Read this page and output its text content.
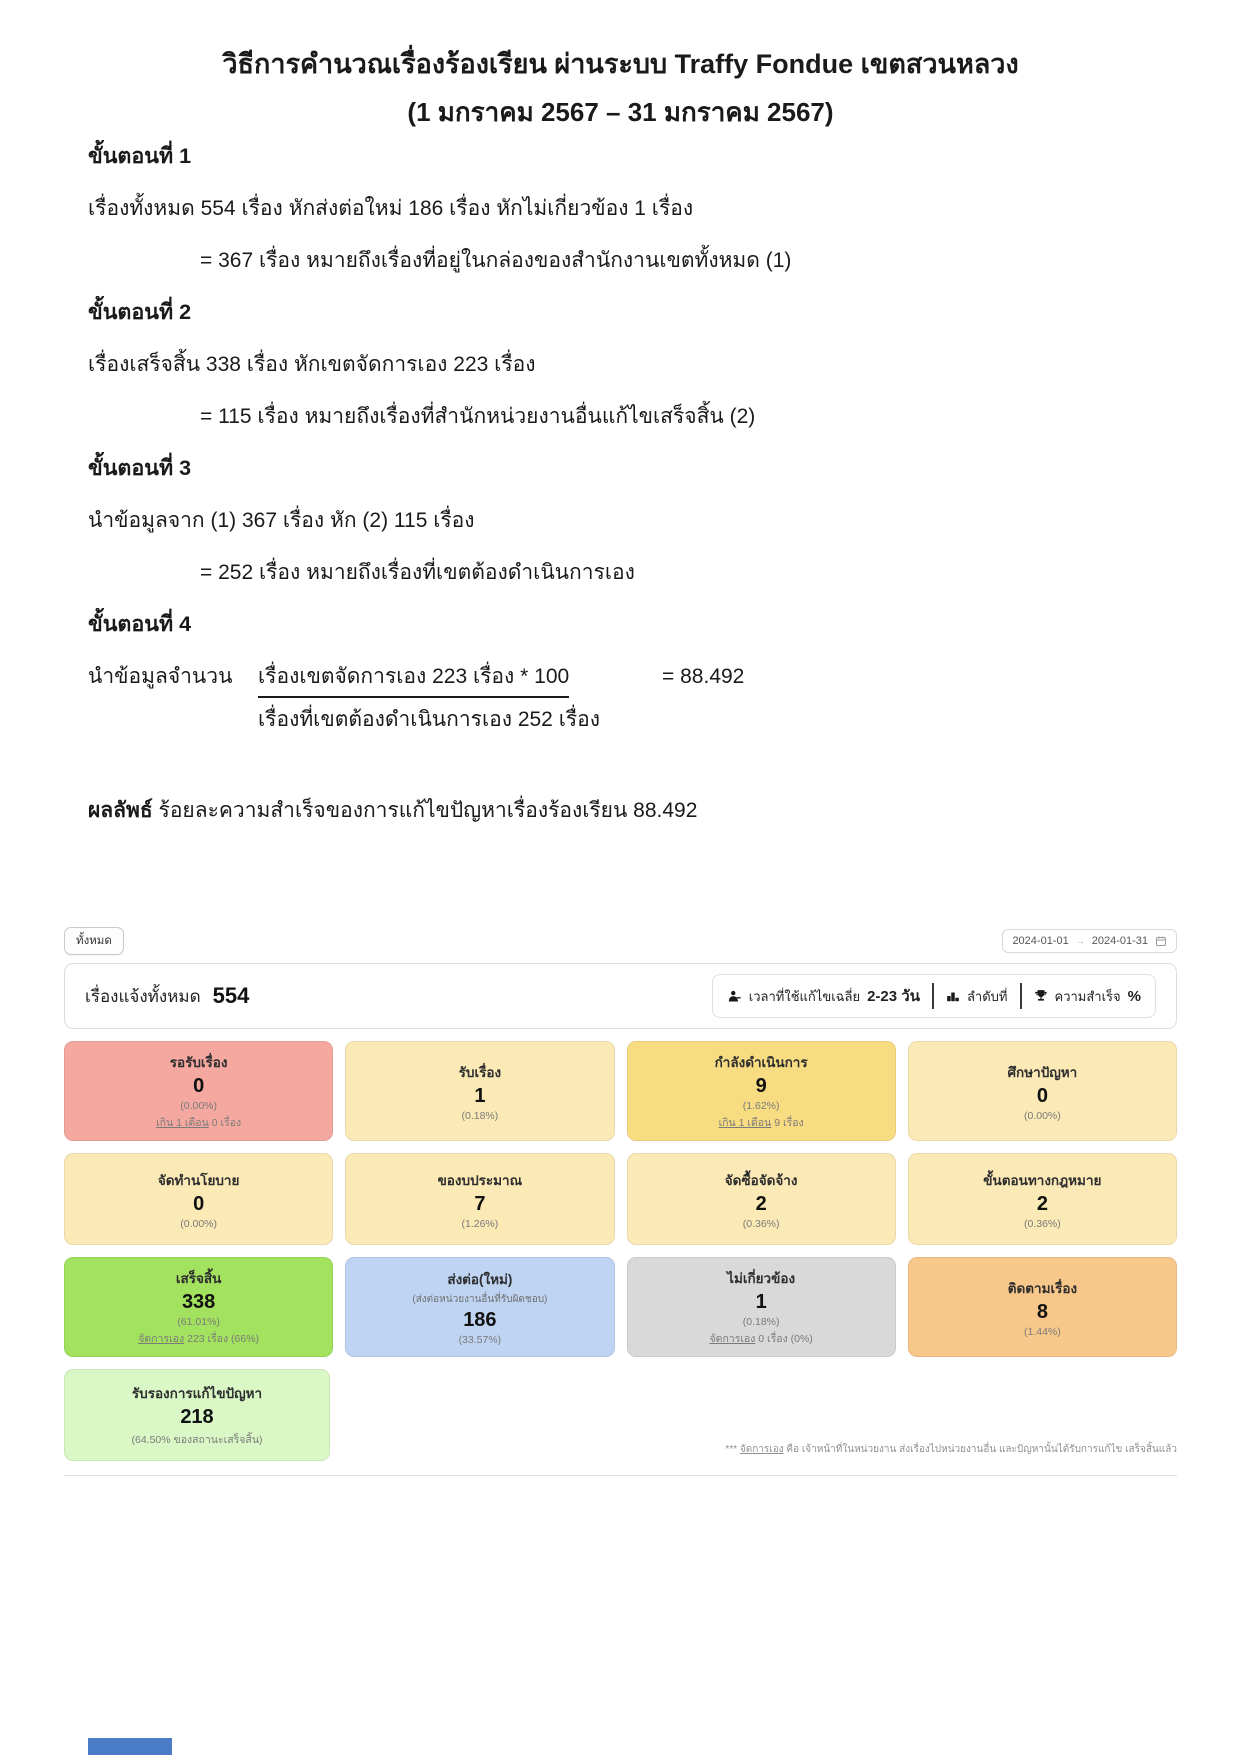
วิธีการคำนวณเรื่องร้องเรียน ผ่านระบบ Traffy Fondue เขตสวนหลวง
(1 มกราคม 2567 – 31 มกราคม 2567)
ขั้นตอนที่ 1
เรื่องทั้งหมด 554 เรื่อง หักส่งต่อใหม่ 186 เรื่อง หักไม่เกี่ยวข้อง 1 เรื่อง
= 367 เรื่อง หมายถึงเรื่องที่อยู่ในกล่องของสำนักงานเขตทั้งหมด (1)
ขั้นตอนที่ 2
เรื่องเสร็จสิ้น 338 เรื่อง หักเขตจัดการเอง 223 เรื่อง
= 115 เรื่อง หมายถึงเรื่องที่สำนักหน่วยงานอื่นแก้ไขเสร็จสิ้น (2)
ขั้นตอนที่ 3
นำข้อมูลจาก (1) 367 เรื่อง หัก (2) 115 เรื่อง
= 252 เรื่อง หมายถึงเรื่องที่เขตต้องดำเนินการเอง
ขั้นตอนที่ 4
นำข้อมูลจำนวน	$\frac{\text{เรื่องเขตจัดการเอง 223 เรื่อง * 100}}{\text{เรื่องที่เขตต้องดำเนินการเอง 252 เรื่อง}}$	= 88.492
ผลลัพธ์ ร้อยละความสำเร็จของการแก้ไขปัญหาเรื่องร้องเรียน 88.492
ทั้งหมด	2024-01-01 → 2024-01-31
เรื่องแจ้งทั้งหมด 554	เวลาที่ใช้แก้ไขเฉลี่ย 2-23 วัน	ลำดับที่	ความสำเร็จ %
รอรับเรื่อง
0
(0.00%)
เกิน 1 เดือน 0 เรื่อง
รับเรื่อง
1
(0.18%)
กำลังดำเนินการ
9
(1.62%)
เกิน 1 เดือน 9 เรื่อง
ศึกษาปัญหา
0
(0.00%)
จัดทำนโยบาย
0
(0.00%)
ของบประมาณ
7
(1.26%)
จัดซื้อจัดจ้าง
2
(0.36%)
ขั้นตอนทางกฎหมาย
2
(0.36%)
เสร็จสิ้น
338
(61.01%)
จัดการเอง 223 เรื่อง (66%)
ส่งต่อ(ใหม่)
(ส่งต่อหน่วยงานอื่นที่รับผิดชอบ)
186
(33.57%)
ไม่เกี่ยวข้อง
1
(0.18%)
จัดการเอง 0 เรื่อง (0%)
ติดตามเรื่อง
8
(1.44%)
รับรองการแก้ไขปัญหา
218
(64.50% ของสถานะเสร็จสิ้น)
*** จัดการเอง คือ เจ้าหน้าที่ในหน่วยงาน ส่งเรื่องไปหน่วยงานอื่น และปัญหานั้นได้รับการแก้ไข เสร็จสิ้นแล้ว
